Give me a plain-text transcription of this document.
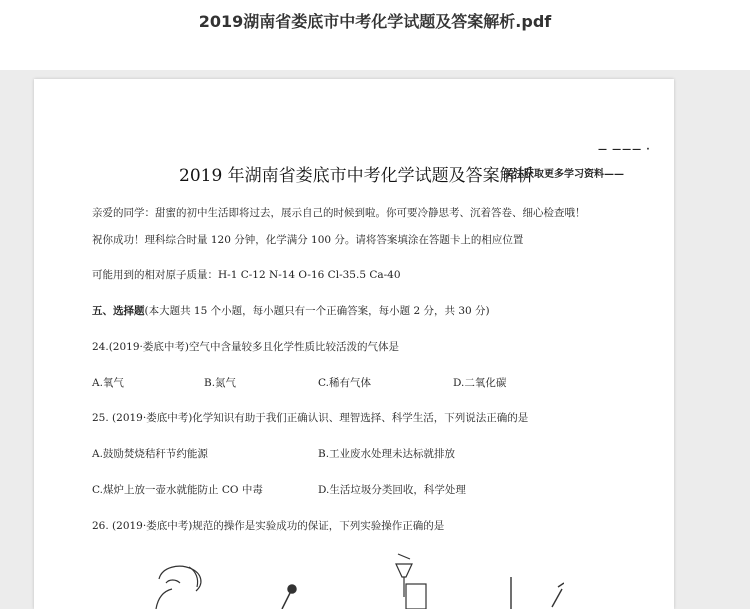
2019湖南省娄底市中考化学试题及答案解析.pdf
— ——— ·
2019 年湖南省娄底市中考化学试题及答案解析
关注获取更多学习资料——
亲爱的同学：甜蜜的初中生活即将过去，展示自己的时候到啦。你可要冷静思考、沉着答卷、细心检查哦！
祝你成功！理科综合时量 120 分钟，化学满分 100 分。请将答案填涂在答题卡上的相应位置
可能用到的相对原子质量：H-1 C-12 N-14 O-16 Cl-35.5 Ca-40
五、选择题(本大题共 15 个小题，每小题只有一个正确答案，每小题 2 分，共 30 分)
24.(2019·娄底中考)空气中含量较多且化学性质比较活泼的气体是
A.氧气	B.氮气	C.稀有气体	D.二氧化碳
25. (2019·娄底中考)化学知识有助于我们正确认识、理智选择、科学生活，下列说法正确的是
A.鼓励焚烧秸秆节约能源	B.工业废水处理未达标就排放
C.煤炉上放一壶水就能防止 CO 中毒	D.生活垃圾分类回收，科学处理
26. (2019·娄底中考)规范的操作是实验成功的保证，下列实验操作正确的是
